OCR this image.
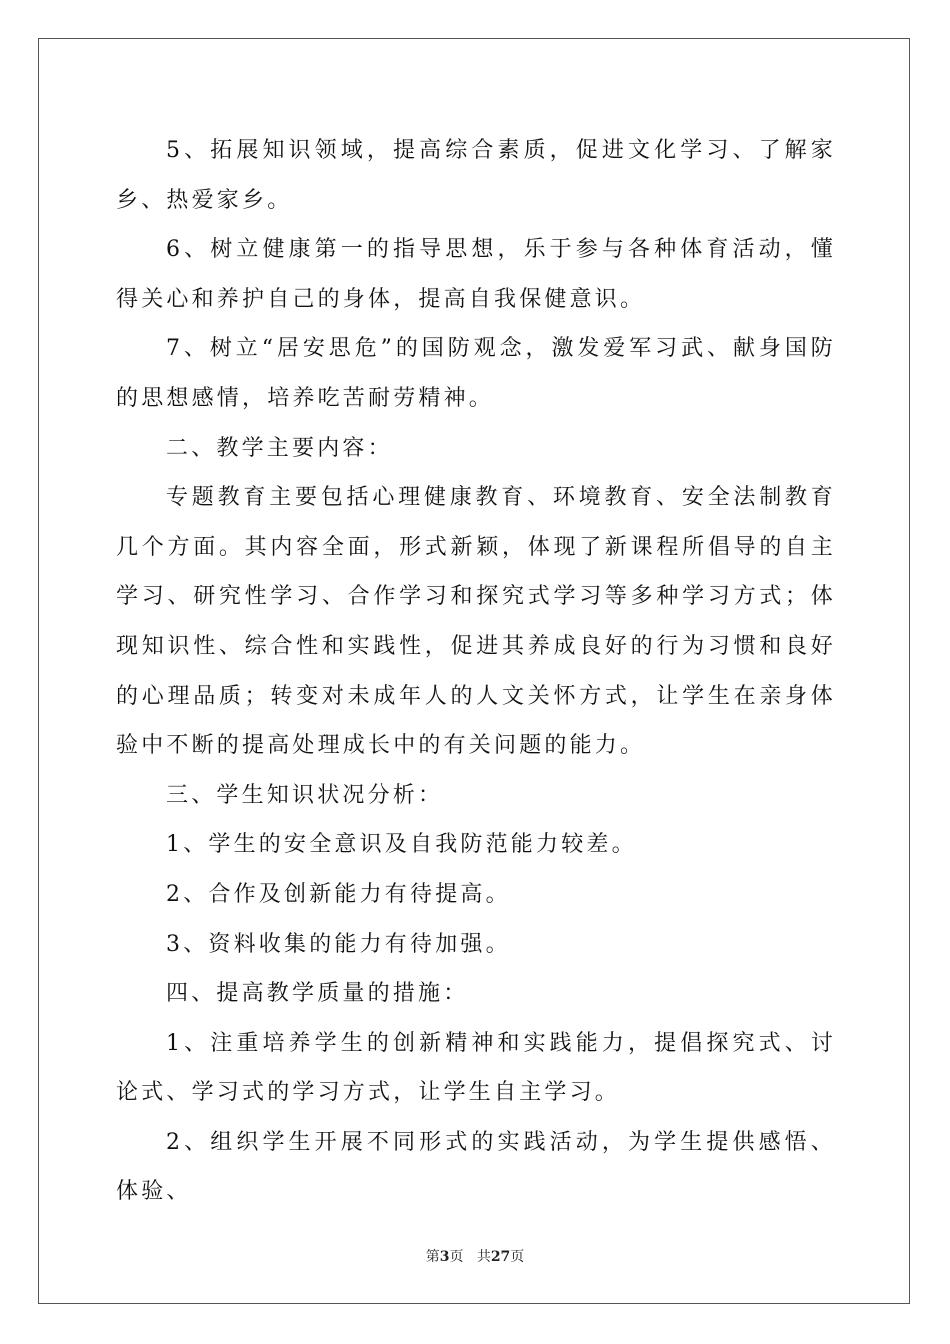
5、拓展知识领域，提高综合素质，促进文化学习、了解家乡、热爱家乡。

6、树立健康第一的指导思想，乐于参与各种体育活动，懂得关心和养护自己的身体，提高自我保健意识。

7、树立“居安思危”的国防观念，激发爱军习武、献身国防的思想感情，培养吃苦耐劳精神。

二、教学主要内容：

专题教育主要包括心理健康教育、环境教育、安全法制教育几个方面。其内容全面，形式新颖，体现了新课程所倡导的自主学习、研究性学习、合作学习和探究式学习等多种学习方式；体现知识性、综合性和实践性，促进其养成良好的行为习惯和良好的心理品质；转变对未成年人的人文关怀方式，让学生在亲身体验中不断的提高处理成长中的有关问题的能力。

三、学生知识状况分析：

1、学生的安全意识及自我防范能力较差。

2、合作及创新能力有待提高。

3、资料收集的能力有待加强。

四、提高教学质量的措施：

1、注重培养学生的创新精神和实践能力，提倡探究式、讨论式、学习式的学习方式，让学生自主学习。

2、组织学生开展不同形式的实践活动，为学生提供感悟、体验、

第3页 共27页
